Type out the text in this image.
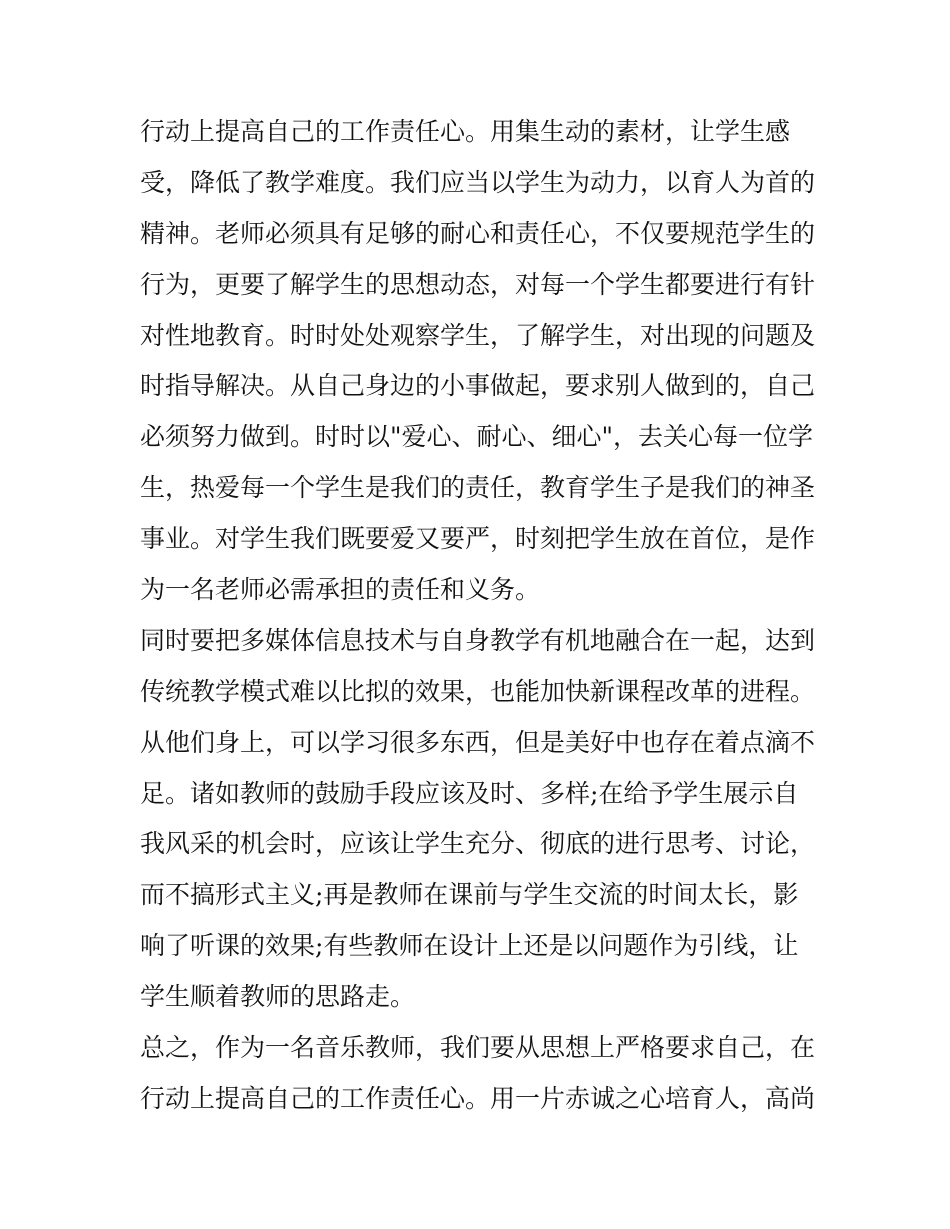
行动上提高自己的工作责任心。用集生动的素材，让学生感
受，降低了教学难度。我们应当以学生为动力，以育人为首的
精神。老师必须具有足够的耐心和责任心，不仅要规范学生的
行为，更要了解学生的思想动态，对每一个学生都要进行有针
对性地教育。时时处处观察学生，了解学生，对出现的问题及
时指导解决。从自己身边的小事做起，要求别人做到的，自己
必须努力做到。时时以"爱心、耐心、细心"，去关心每一位学
生，热爱每一个学生是我们的责任，教育学生子是我们的神圣
事业。对学生我们既要爱又要严，时刻把学生放在首位，是作
为一名老师必需承担的责任和义务。
同时要把多媒体信息技术与自身教学有机地融合在一起，达到
传统教学模式难以比拟的效果，也能加快新课程改革的进程。
从他们身上，可以学习很多东西，但是美好中也存在着点滴不
足。诸如教师的鼓励手段应该及时、多样;在给予学生展示自
我风采的机会时，应该让学生充分、彻底的进行思考、讨论，
而不搞形式主义;再是教师在课前与学生交流的时间太长，影
响了听课的效果;有些教师在设计上还是以问题作为引线，让
学生顺着教师的思路走。
总之，作为一名音乐教师，我们要从思想上严格要求自己，在
行动上提高自己的工作责任心。用一片赤诚之心培育人，高尚
